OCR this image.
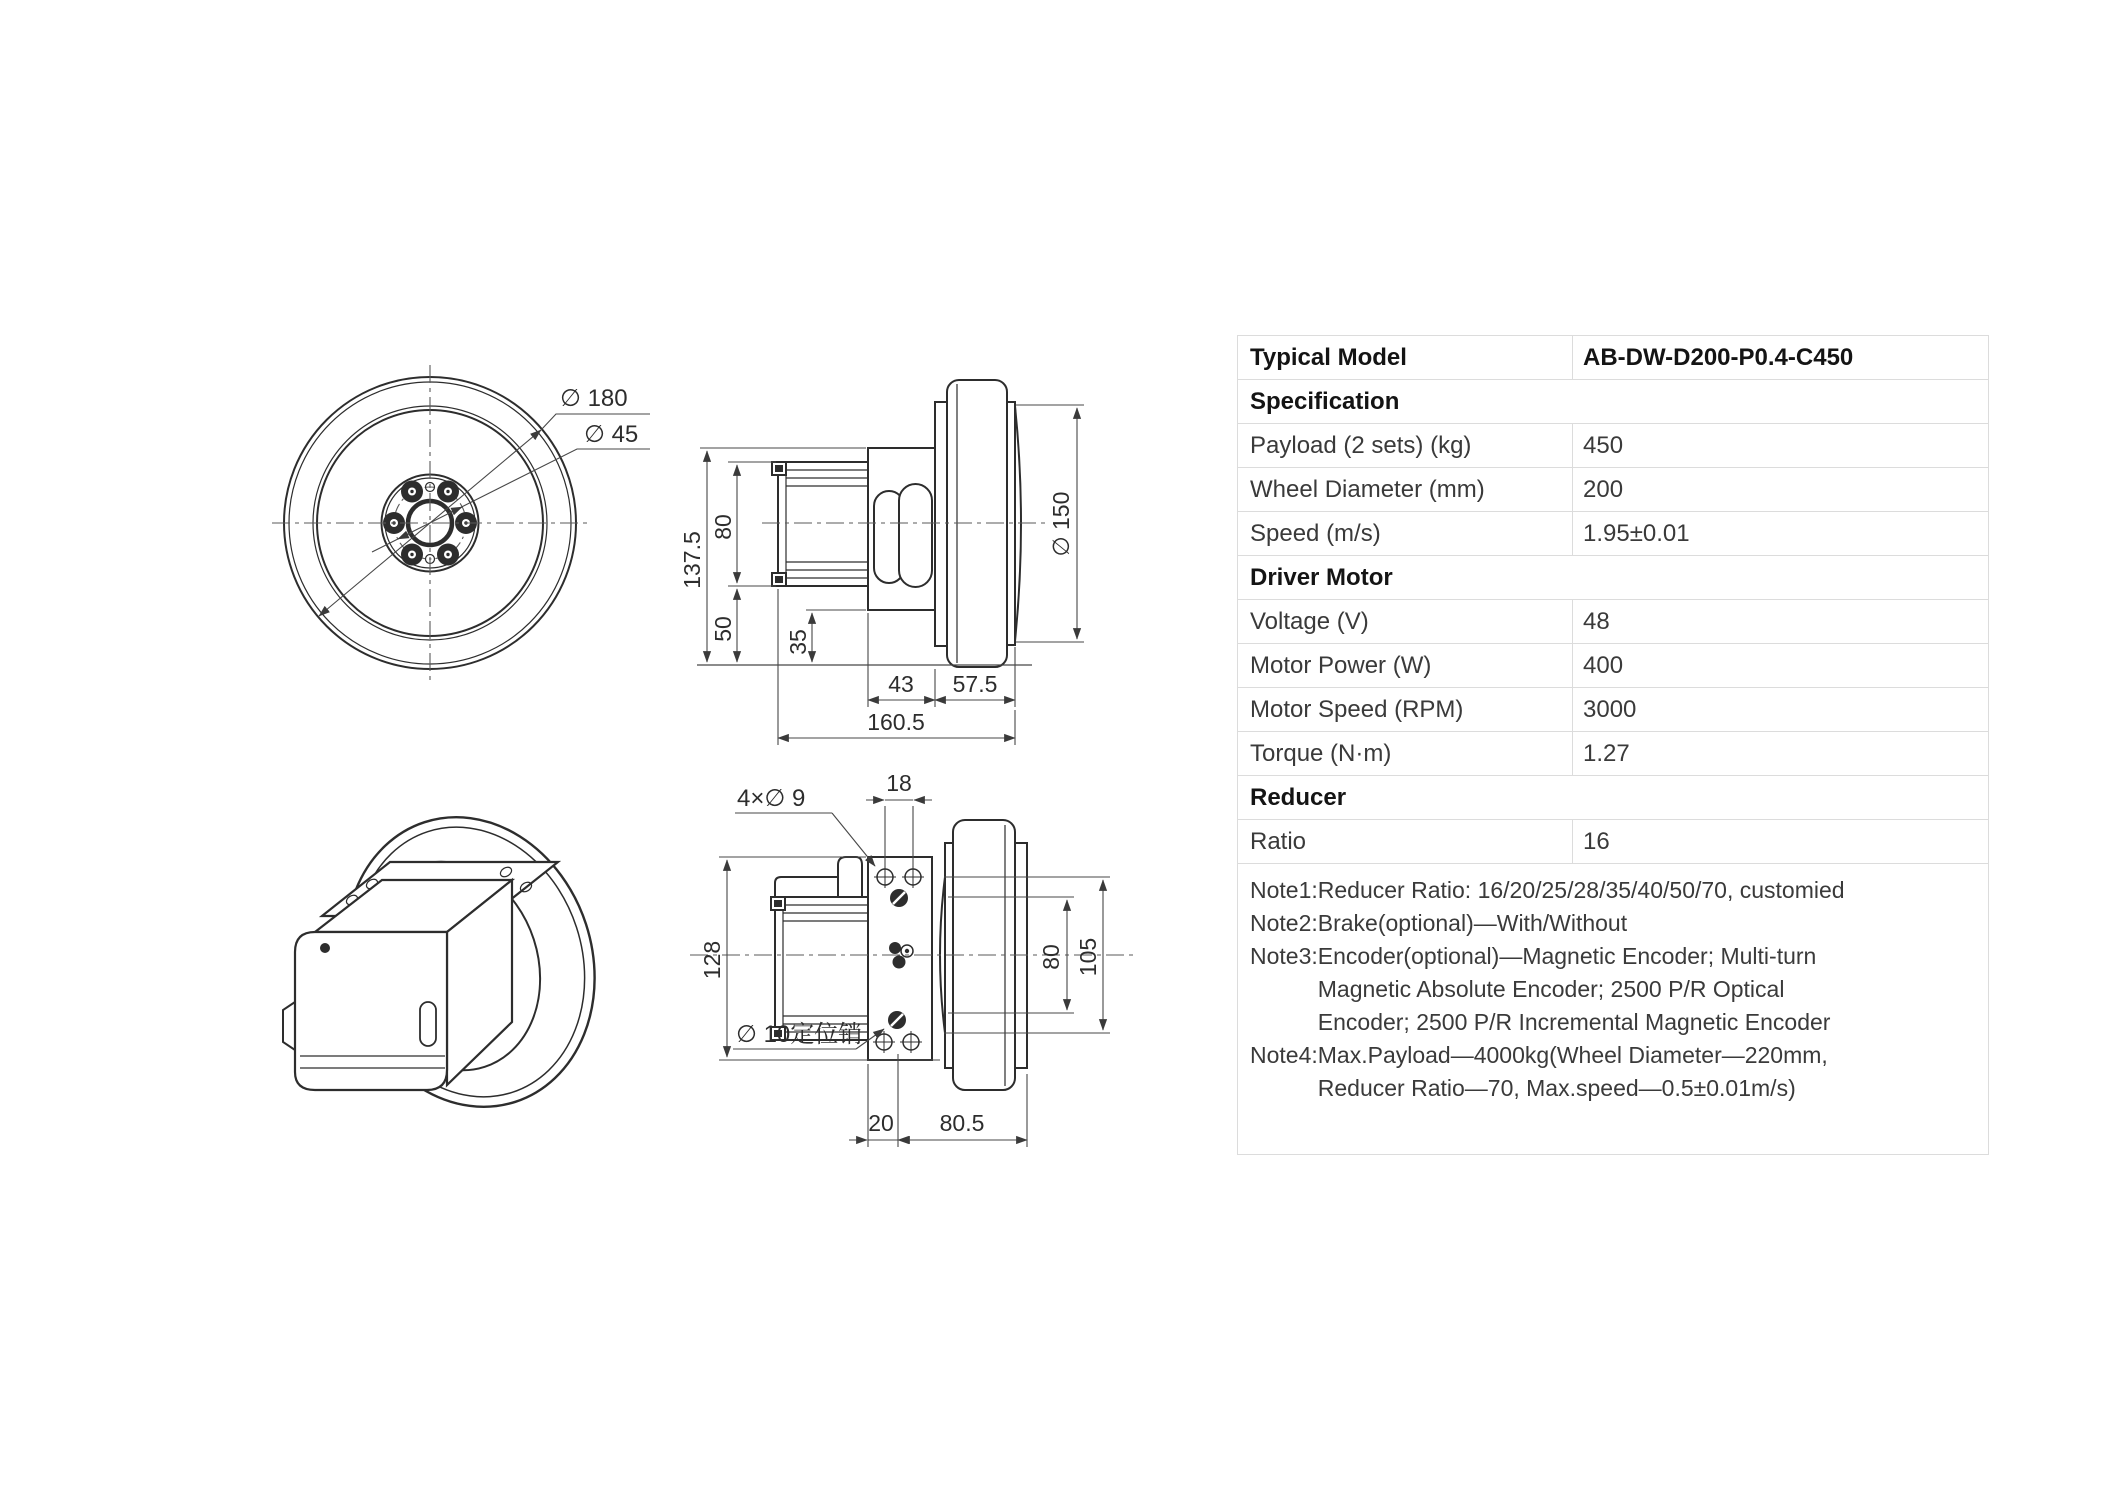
∅ 180
∅ 45
137.5
80
50
35
∅ 150
43 57.5
160.5
4×∅ 9
18
128
∅ 10定位销
20 80.5
80 105
Typical Model	AB-DW-D200-P0.4-C450
Specification	
Payload (2 sets) (kg)	450
Wheel Diameter (mm)	200
Speed (m/s)	1.95±0.01
Driver Motor	
Voltage (V)	48
Motor Power (W)	400
Motor Speed (RPM)	3000
Torque (N·m)	1.27
Reducer	
Ratio	16

Note1: Reducer Ratio: 16/20/25/28/35/40/50/70, customied
Note2: Brake(optional)—With/Without
Note3: Encoder(optional)—Magnetic Encoder; Multi-turn Magnetic Absolute Encoder; 2500 P/R Optical Encoder; 2500 P/R Incremental Magnetic Encoder
Note4: Max.Payload—4000kg(Wheel Diameter—220mm, Reducer Ratio—70, Max.speed—0.5±0.01m/s)
